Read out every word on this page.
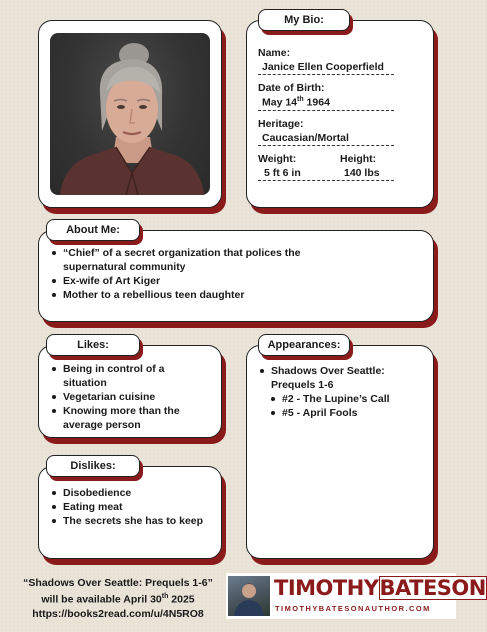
My Bio:
Name:
Janice Ellen Cooperfield
Date of Birth:
May 14th 1964
Heritage:
Caucasian/Mortal
Weight:	Height:
5 ft 6 in	140 lbs
About Me:
“Chief” of a secret organization that polices the supernatural community
Ex-wife of Art Kiger
Mother to a rebellious teen daughter
Likes:
Being in control of a situation
Vegetarian cuisine
Knowing more than the average person
Appearances:
Shadows Over Seattle: Prequels 1-6
#2 - The Lupine’s Call
#5 - April Fools
Dislikes:
Disobedience
Eating meat
The secrets she has to keep
“Shadows Over Seattle: Prequels 1-6”
will be available April 30th 2025
https://books2read.com/u/4N5RO8
TIMOTHYBATESON
TIMOTHYBATESONAUTHOR.COM
